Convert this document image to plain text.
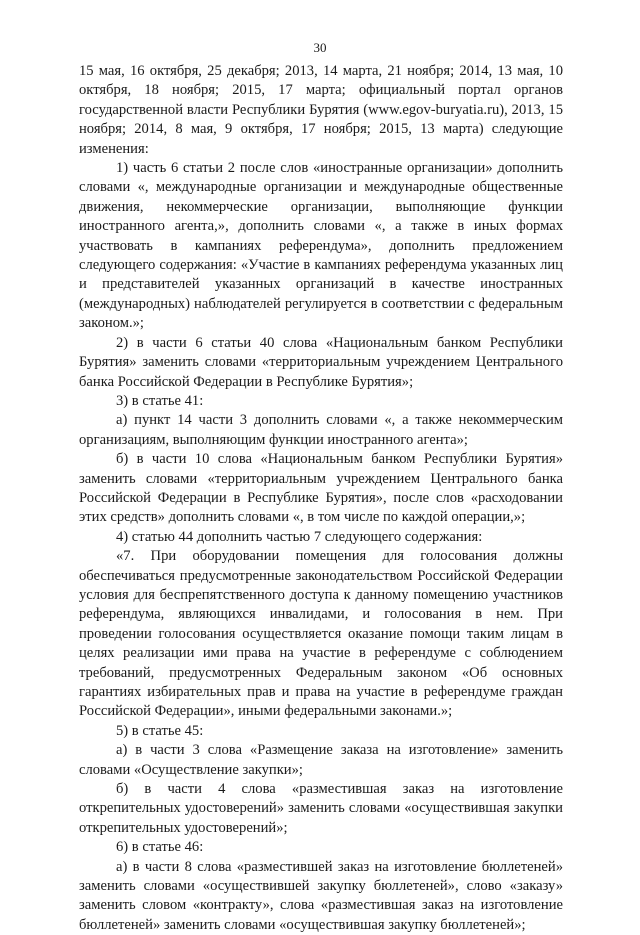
30

15 мая, 16 октября, 25 декабря; 2013, 14 марта, 21 ноября; 2014, 13 мая, 10 октября, 18 ноября; 2015, 17 марта; официальный портал органов государственной власти Республики Бурятия (www.egov-buryatia.ru), 2013, 15 ноября; 2014, 8 мая, 9 октября, 17 ноября; 2015, 13 марта) следующие изменения:

1) часть 6 статьи 2 после слов «иностранные организации» дополнить словами «, международные организации и международные общественные движения, некоммерческие организации, выполняющие функции иностранного агента,», дополнить словами «, а также в иных формах участвовать в кампаниях референдума», дополнить предложением следующего содержания: «Участие в кампаниях референдума указанных лиц и представителей указанных организаций в качестве иностранных (международных) наблюдателей регулируется в соответствии с федеральным законом.»;

2) в части 6 статьи 40 слова «Национальным банком Республики Бурятия» заменить словами «территориальным учреждением Центрального банка Российской Федерации в Республике Бурятия»;

3) в статье 41:

а) пункт 14 части 3 дополнить словами «, а также некоммерческим организациям, выполняющим функции иностранного агента»;

б) в части 10 слова «Национальным банком Республики Бурятия» заменить словами «территориальным учреждением Центрального банка Российской Федерации в Республике Бурятия», после слов «расходовании этих средств» дополнить словами «, в том числе по каждой операции,»;

4) статью 44 дополнить частью 7 следующего содержания:

«7. При оборудовании помещения для голосования должны обеспечиваться предусмотренные законодательством Российской Федерации условия для беспрепятственного доступа к данному помещению участников референдума, являющихся инвалидами, и голосования в нем. При проведении голосования осуществляется оказание помощи таким лицам в целях реализации ими права на участие в референдуме с соблюдением требований, предусмотренных Федеральным законом «Об основных гарантиях избирательных прав и права на участие в референдуме граждан Российской Федерации», иными федеральными законами.»;

5) в статье 45:

а) в части 3 слова «Размещение заказа на изготовление» заменить словами «Осуществление закупки»;

б) в части 4 слова «разместившая заказ на изготовление открепительных удостоверений» заменить словами «осуществившая закупки открепительных удостоверений»;

6) в статье 46:

а) в части 8 слова «разместившей заказ на изготовление бюллетеней» заменить словами «осуществившей закупку бюллетеней», слово «заказу» заменить словом «контракту», слова «разместившая заказ на изготовление бюллетеней» заменить словами «осуществившая закупку бюллетеней»;
